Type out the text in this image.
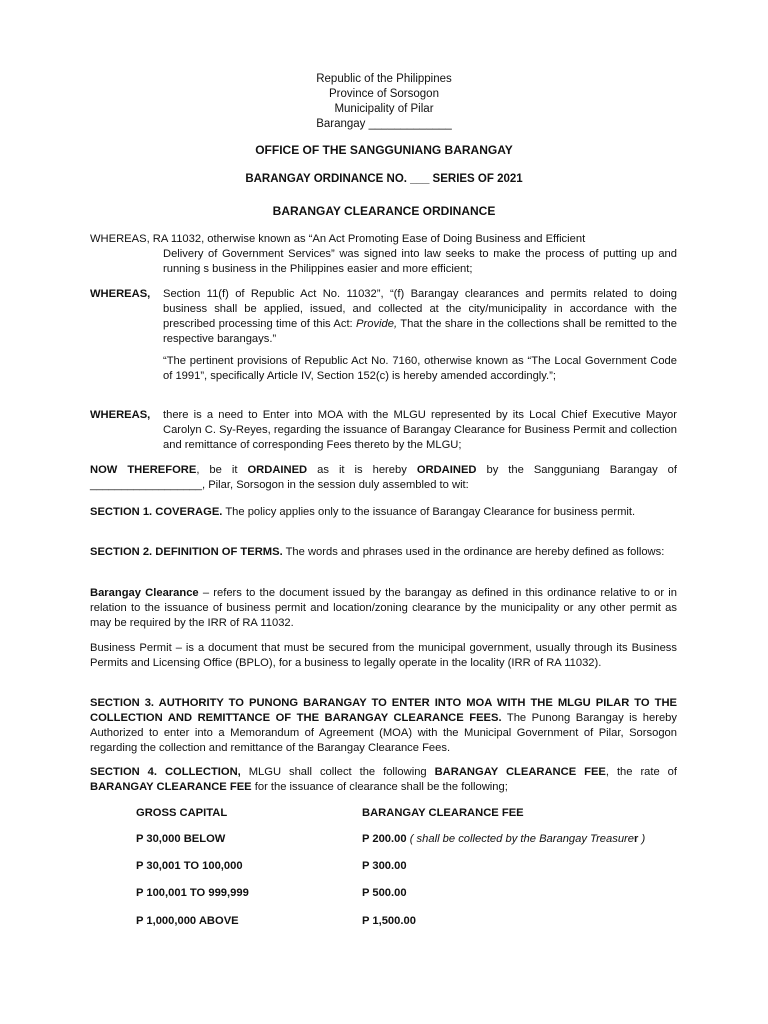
Republic of the Philippines
Province of Sorsogon
Municipality of Pilar
Barangay _____________
OFFICE OF THE SANGGUNIANG BARANGAY
BARANGAY ORDINANCE NO. ___ SERIES OF 2021
BARANGAY CLEARANCE ORDINANCE
WHEREAS, RA 11032, otherwise known as “An Act Promoting Ease of Doing Business and Efficient
Delivery of Government Services” was signed into law seeks to make the process of putting up and running s business in the Philippines easier and more efficient;
WHEREAS,	Section 11(f) of Republic Act No. 11032”, “(f) Barangay clearances and permits related to doing business shall be applied, issued, and collected at the city/municipality in accordance with the prescribed processing time of this Act: Provide, That the share in the collections shall be remitted to the respective barangays.”
“The pertinent provisions of Republic Act No. 7160, otherwise known as “The Local Government Code of 1991”, specifically Article IV, Section 152(c) is hereby amended accordingly.”;
WHEREAS,	there is a need to Enter into MOA with the MLGU represented by its Local Chief Executive Mayor Carolyn C. Sy-Reyes, regarding the issuance of Barangay Clearance for Business Permit and collection and remittance of corresponding Fees thereto by the MLGU;
NOW THEREFORE, be it ORDAINED as it is hereby ORDAINED by the Sangguniang Barangay of __________________, Pilar, Sorsogon in the session duly assembled to wit:
SECTION 1. COVERAGE. The policy applies only to the issuance of Barangay Clearance for business permit.
SECTION 2. DEFINITION OF TERMS. The words and phrases used in the ordinance are hereby defined as follows:
Barangay Clearance – refers to the document issued by the barangay as defined in this ordinance relative to or in relation to the issuance of business permit and location/zoning clearance by the municipality or any other permit as may be required by the IRR of RA 11032.
Business Permit – is a document that must be secured from the municipal government, usually through its Business Permits and Licensing Office (BPLO), for a business to legally operate in the locality (IRR of RA 11032).
SECTION 3. AUTHORITY TO PUNONG BARANGAY TO ENTER INTO MOA WITH THE MLGU PILAR TO THE COLLECTION AND REMITTANCE OF THE BARANGAY CLEARANCE FEES. The Punong Barangay is hereby Authorized to enter into a Memorandum of Agreement (MOA) with the Municipal Government of Pilar, Sorsogon regarding the collection and remittance of the Barangay Clearance Fees.
SECTION 4. COLLECTION, MLGU shall collect the following BARANGAY CLEARANCE FEE, the rate of BARANGAY CLEARANCE FEE for the issuance of clearance shall be the following;
GROSS CAPITAL	BARANGAY CLEARANCE FEE
P 30,000 BELOW	P 200.00 ( shall be collected by the Barangay Treasurer )
P 30,001 TO 100,000	P 300.00
P 100,001 TO 999,999	P 500.00
P 1,000,000 ABOVE	P 1,500.00
